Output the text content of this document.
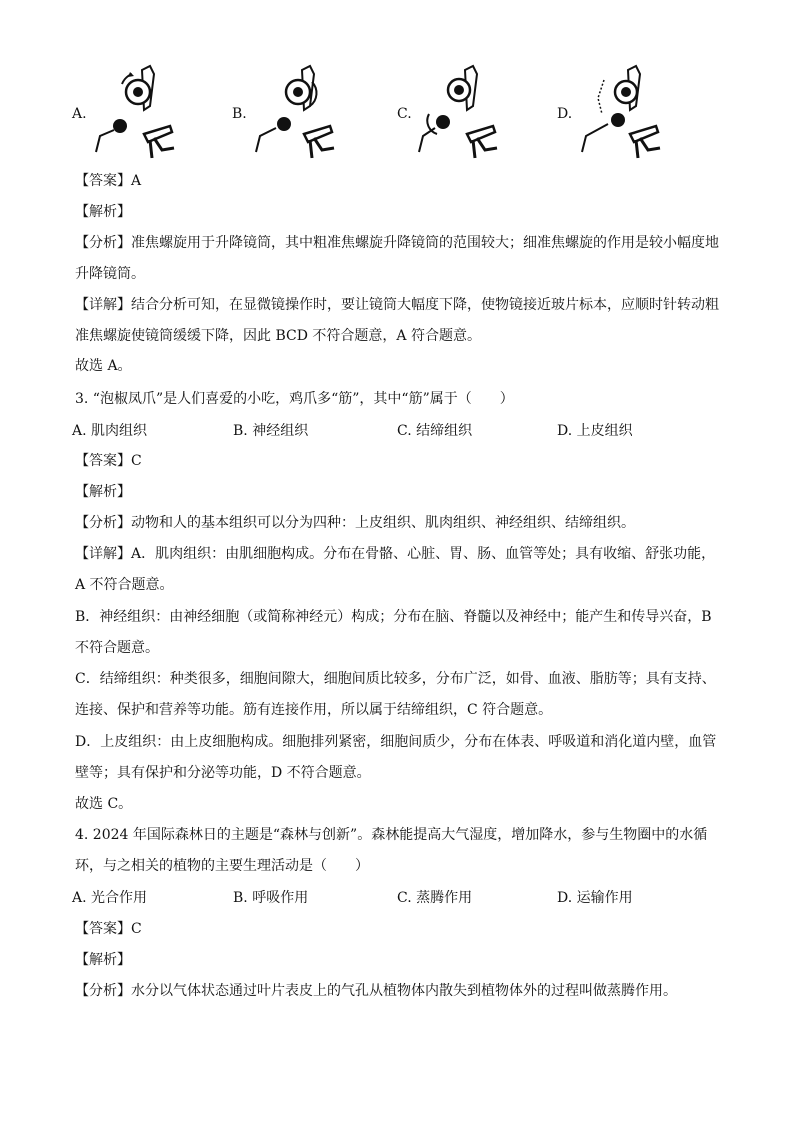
A.	B.	C.	D.
【答案】A
【解析】
【分析】准焦螺旋用于升降镜筒，其中粗准焦螺旋升降镜筒的范围较大；细准焦螺旋的作用是较小幅度地升降镜筒。
【详解】结合分析可知，在显微镜操作时，要让镜筒大幅度下降，使物镜接近玻片标本，应顺时针转动粗准焦螺旋使镜筒缓缓下降，因此 BCD 不符合题意，A 符合题意。
故选 A。
3. “泡椒凤爪”是人们喜爱的小吃，鸡爪多“筋”，其中“筋”属于（　　）
A. 肌肉组织	B. 神经组织	C. 结缔组织	D. 上皮组织
【答案】C
【解析】
【分析】动物和人的基本组织可以分为四种：上皮组织、肌肉组织、神经组织、结缔组织。
【详解】A．肌肉组织：由肌细胞构成。分布在骨骼、心脏、胃、肠、血管等处；具有收缩、舒张功能，A 不符合题意。
B．神经组织：由神经细胞（或简称神经元）构成；分布在脑、脊髓以及神经中；能产生和传导兴奋，B 不符合题意。
C．结缔组织：种类很多，细胞间隙大，细胞间质比较多，分布广泛，如骨、血液、脂肪等；具有支持、连接、保护和营养等功能。筋有连接作用，所以属于结缔组织，C 符合题意。
D．上皮组织：由上皮细胞构成。细胞排列紧密，细胞间质少，分布在体表、呼吸道和消化道内壁，血管壁等；具有保护和分泌等功能，D 不符合题意。
故选 C。
4. 2024 年国际森林日的主题是“森林与创新”。森林能提高大气湿度，增加降水，参与生物圈中的水循环，与之相关的植物的主要生理活动是（　　）
A. 光合作用	B. 呼吸作用	C. 蒸腾作用	D. 运输作用
【答案】C
【解析】
【分析】水分以气体状态通过叶片表皮上的气孔从植物体内散失到植物体外的过程叫做蒸腾作用。
